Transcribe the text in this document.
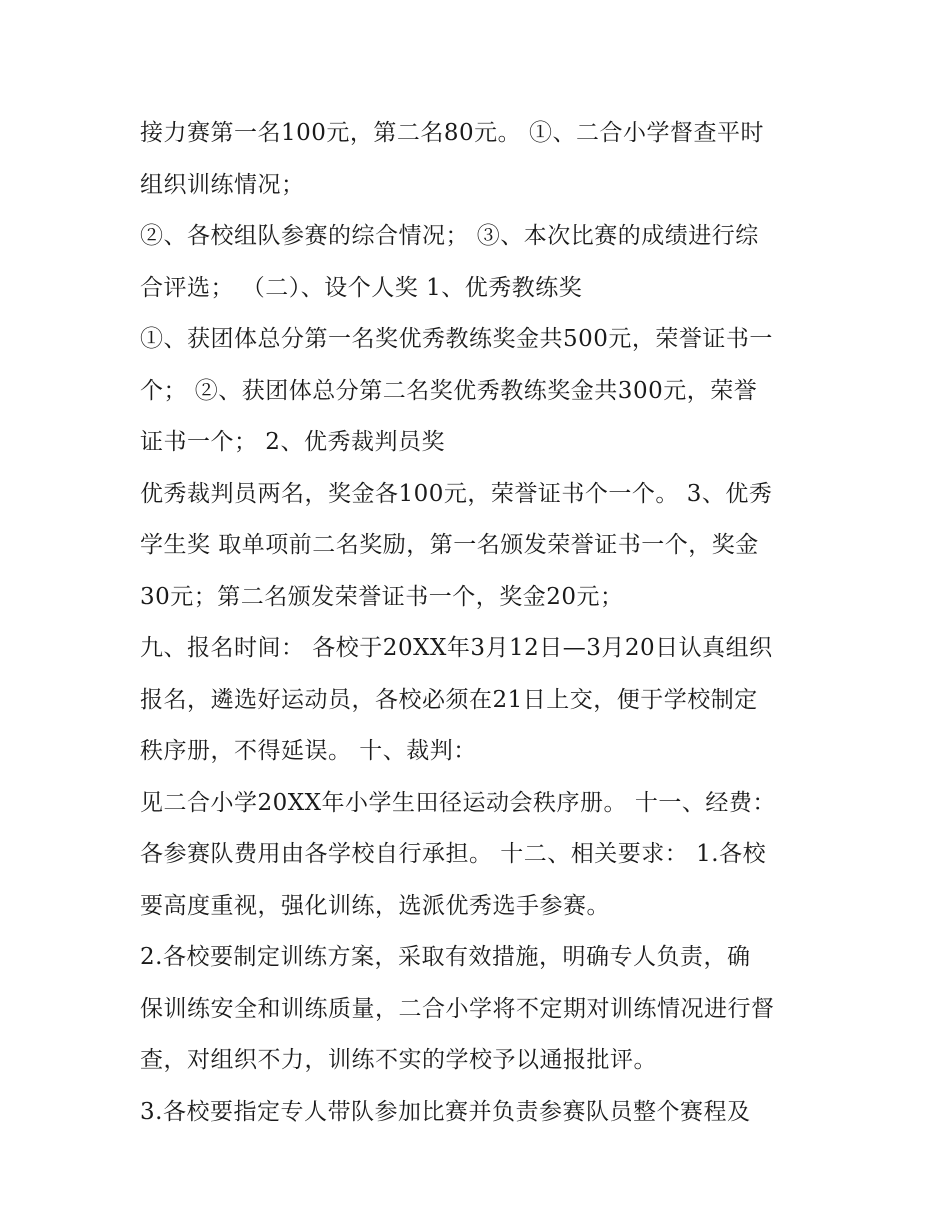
接力赛第一名100元，第二名80元。 ①、二合小学督查平时
组织训练情况；
②、各校组队参赛的综合情况； ③、本次比赛的成绩进行综
合评选； （二）、设个人奖 1、优秀教练奖
①、获团体总分第一名奖优秀教练奖金共500元，荣誉证书一
个； ②、获团体总分第二名奖优秀教练奖金共300元，荣誉
证书一个； 2、优秀裁判员奖
优秀裁判员两名，奖金各100元，荣誉证书个一个。 3、优秀
学生奖 取单项前二名奖励，第一名颁发荣誉证书一个，奖金
30元；第二名颁发荣誉证书一个，奖金20元；
九、报名时间： 各校于20XX年3月12日—3月20日认真组织
报名，遴选好运动员，各校必须在21日上交，便于学校制定
秩序册，不得延误。 十、裁判：
见二合小学20XX年小学生田径运动会秩序册。 十一、经费：
各参赛队费用由各学校自行承担。 十二、相关要求： 1.各校
要高度重视，强化训练，选派优秀选手参赛。
2.各校要制定训练方案，采取有效措施，明确专人负责，确
保训练安全和训练质量，二合小学将不定期对训练情况进行督
查，对组织不力，训练不实的学校予以通报批评。
3.各校要指定专人带队参加比赛并负责参赛队员整个赛程及
